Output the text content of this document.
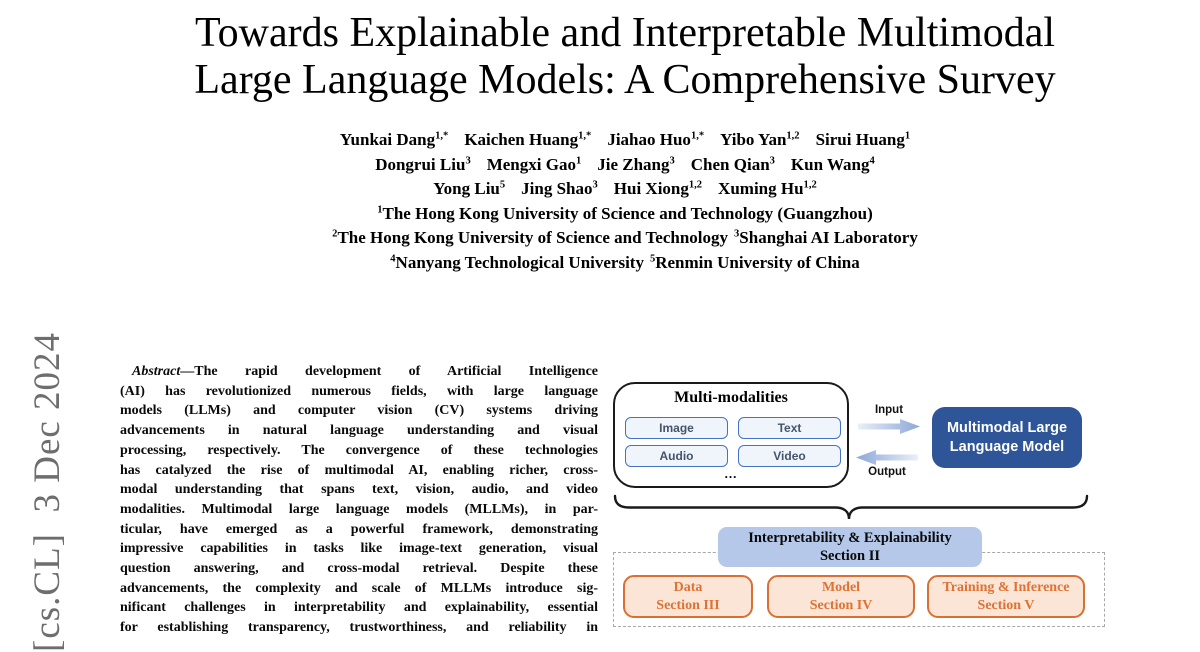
[cs.CL]  3 Dec 2024
Towards Explainable and Interpretable Multimodal
Large Language Models: A Comprehensive Survey
Yunkai Dang$^{1,*}$ Kaichen Huang$^{1,*}$ Jiahao Huo$^{1,*}$ Yibo Yan$^{1,2}$ Sirui Huang$^1$
Dongrui Liu$^3$ Mengxi Gao$^1$ Jie Zhang$^3$ Chen Qian$^3$ Kun Wang$^4$
Yong Liu$^5$ Jing Shao$^3$ Hui Xiong$^{1,2}$ Xuming Hu$^{1,2}$
$^1$The Hong Kong University of Science and Technology (Guangzhou)
$^2$The Hong Kong University of Science and Technology $^3$Shanghai AI Laboratory
$^4$Nanyang Technological University $^5$Renmin University of China
Abstract—The rapid development of Artificial Intelligence
(AI) has revolutionized numerous fields, with large language
models (LLMs) and computer vision (CV) systems driving
advancements in natural language understanding and visual
processing, respectively. The convergence of these technologies
has catalyzed the rise of multimodal AI, enabling richer, cross-
modal understanding that spans text, vision, audio, and video
modalities. Multimodal large language models (MLLMs), in par-
ticular, have emerged as a powerful framework, demonstrating
impressive capabilities in tasks like image-text generation, visual
question answering, and cross-modal retrieval. Despite these
advancements, the complexity and scale of MLLMs introduce sig-
nificant challenges in interpretability and explainability, essential
for establishing transparency, trustworthiness, and reliability in
Multi-modalities
Image	Text
Audio	Video
...
Input
Output
Multimodal Large
Language Model
Interpretability & Explainability
Section II
Data
Section III
Model
Section IV
Training & Inference
Section V
